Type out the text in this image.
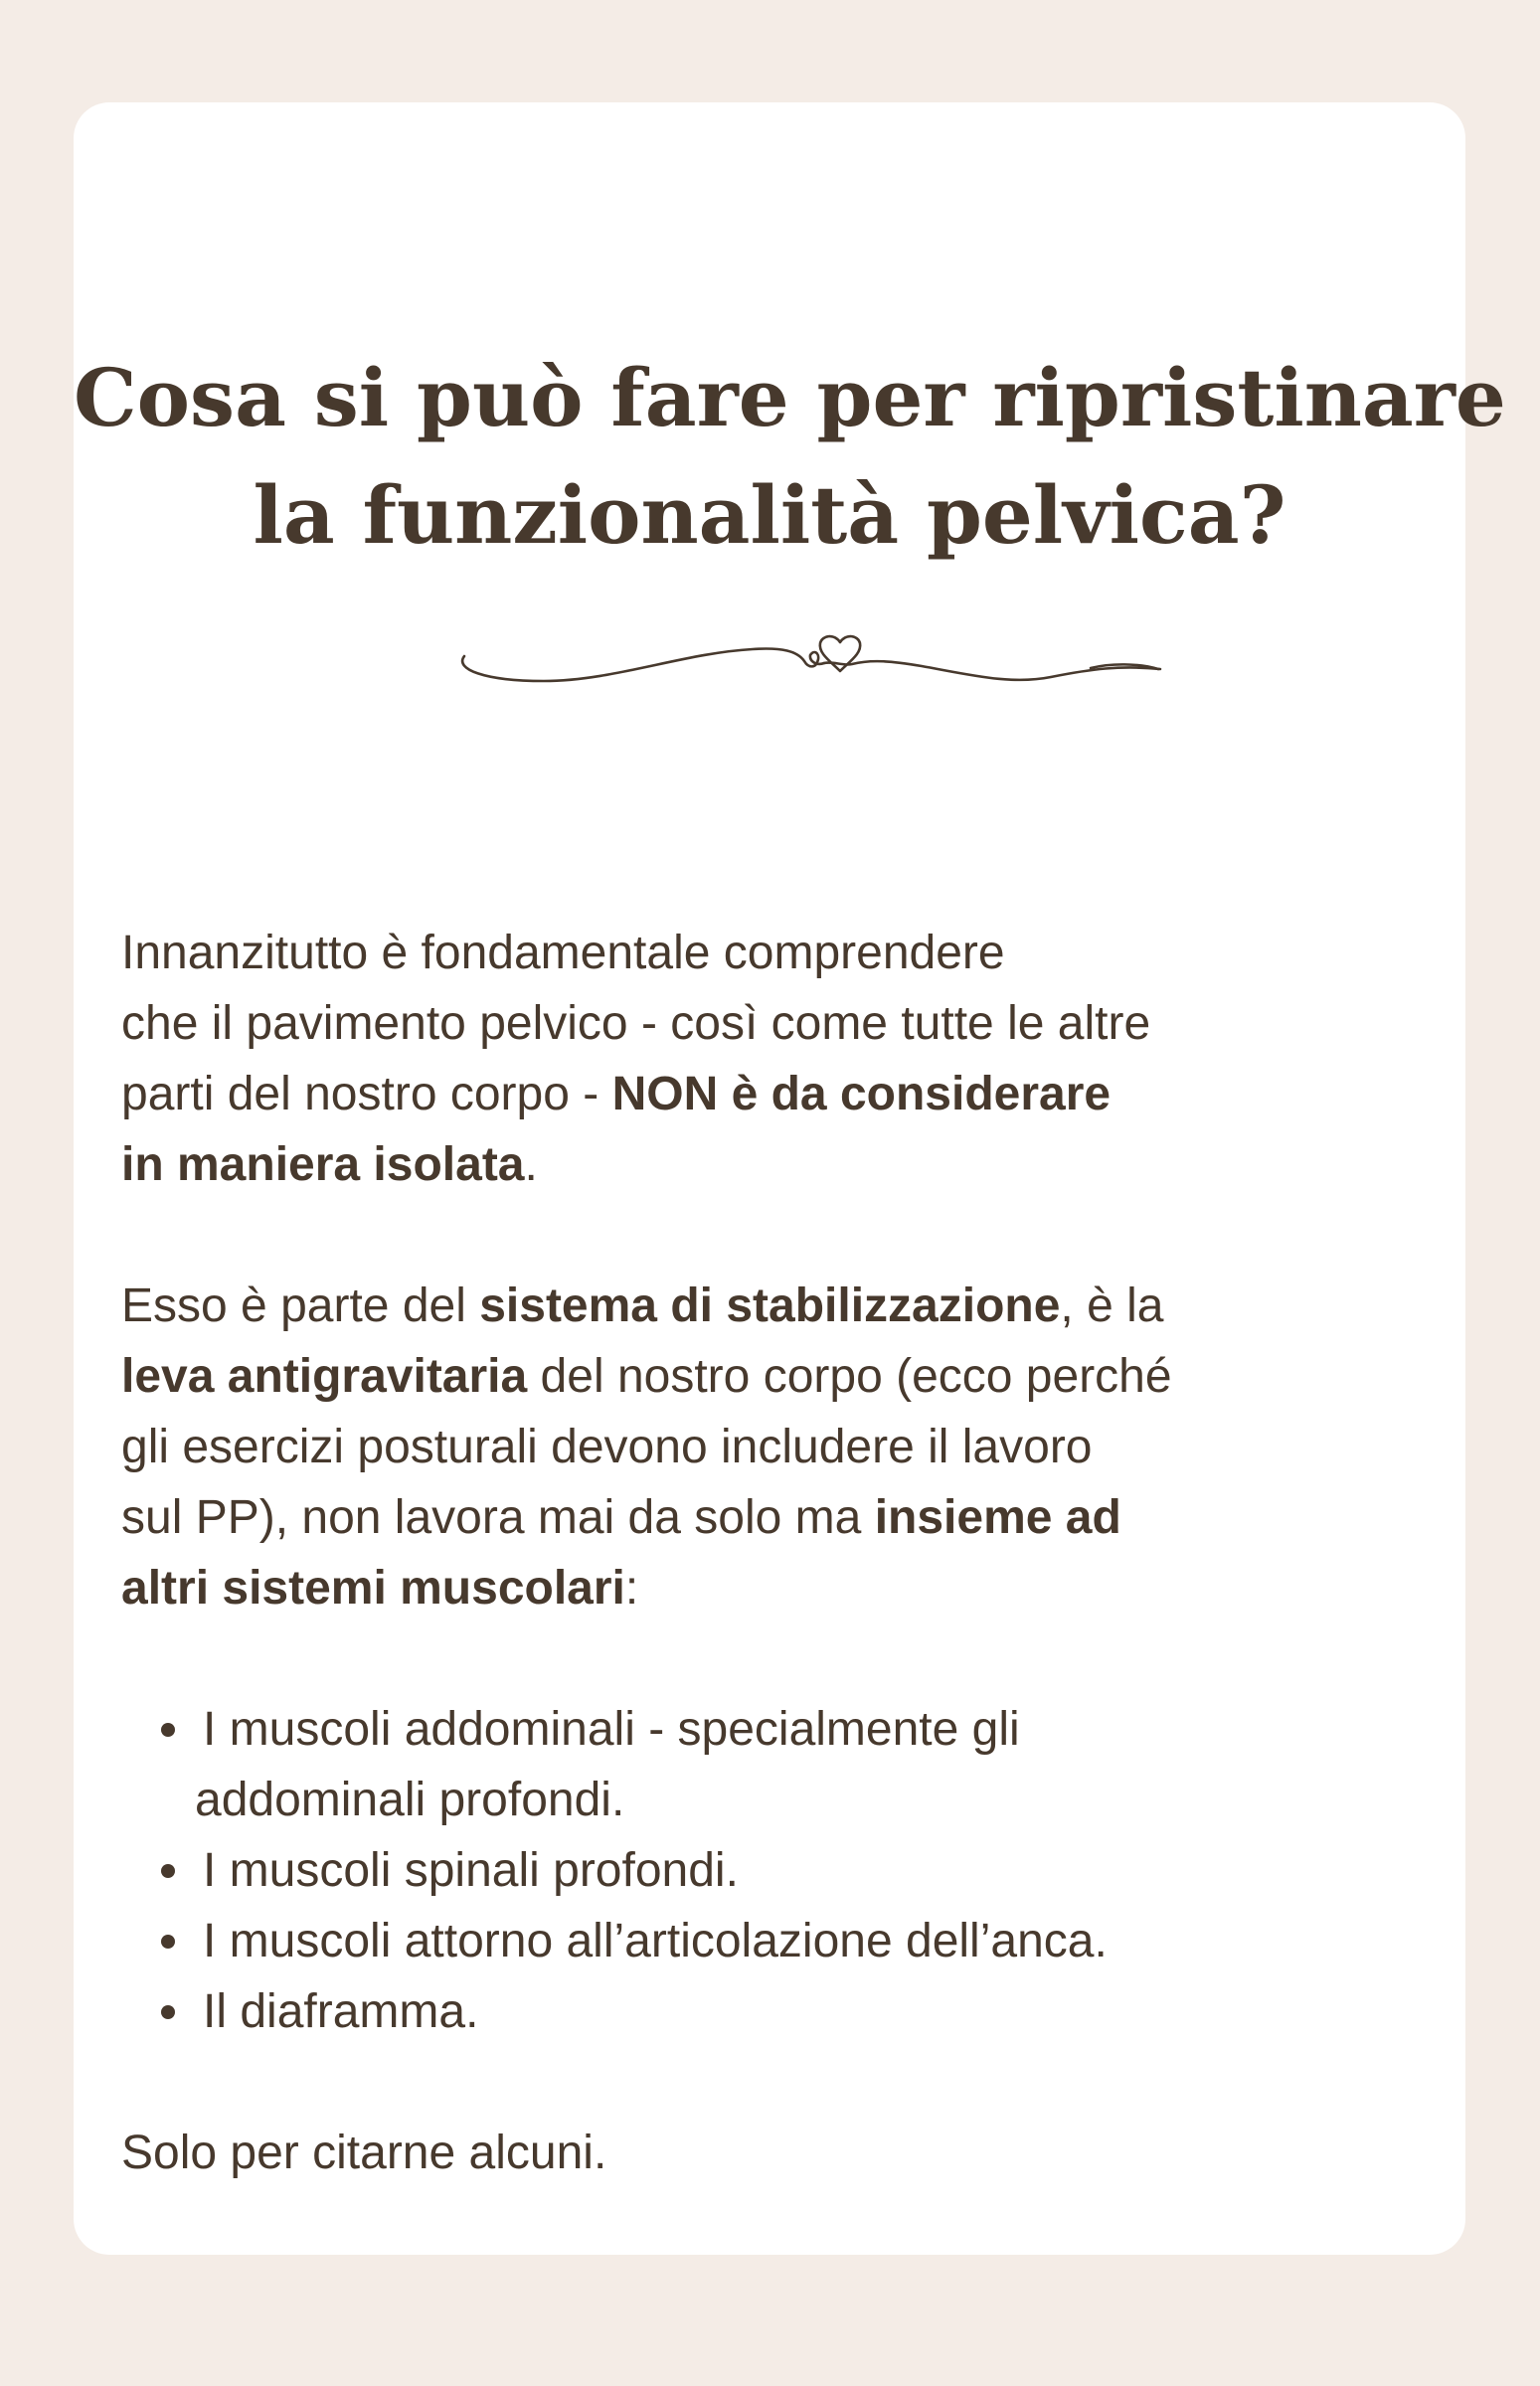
Cosa si può fare per ripristinare
la funzionalità pelvica?

Innanzitutto è fondamentale comprendere
che il pavimento pelvico - così come tutte le altre
parti del nostro corpo - NON è da considerare
in maniera isolata.

Esso è parte del sistema di stabilizzazione, è la
leva antigravitaria del nostro corpo (ecco perché
gli esercizi posturali devono includere il lavoro
sul PP), non lavora mai da solo ma insieme ad
altri sistemi muscolari:

I muscoli addominali - specialmente gli
addominali profondi.
I muscoli spinali profondi.
I muscoli attorno all’articolazione dell’anca.
Il diaframma.

Solo per citarne alcuni.
